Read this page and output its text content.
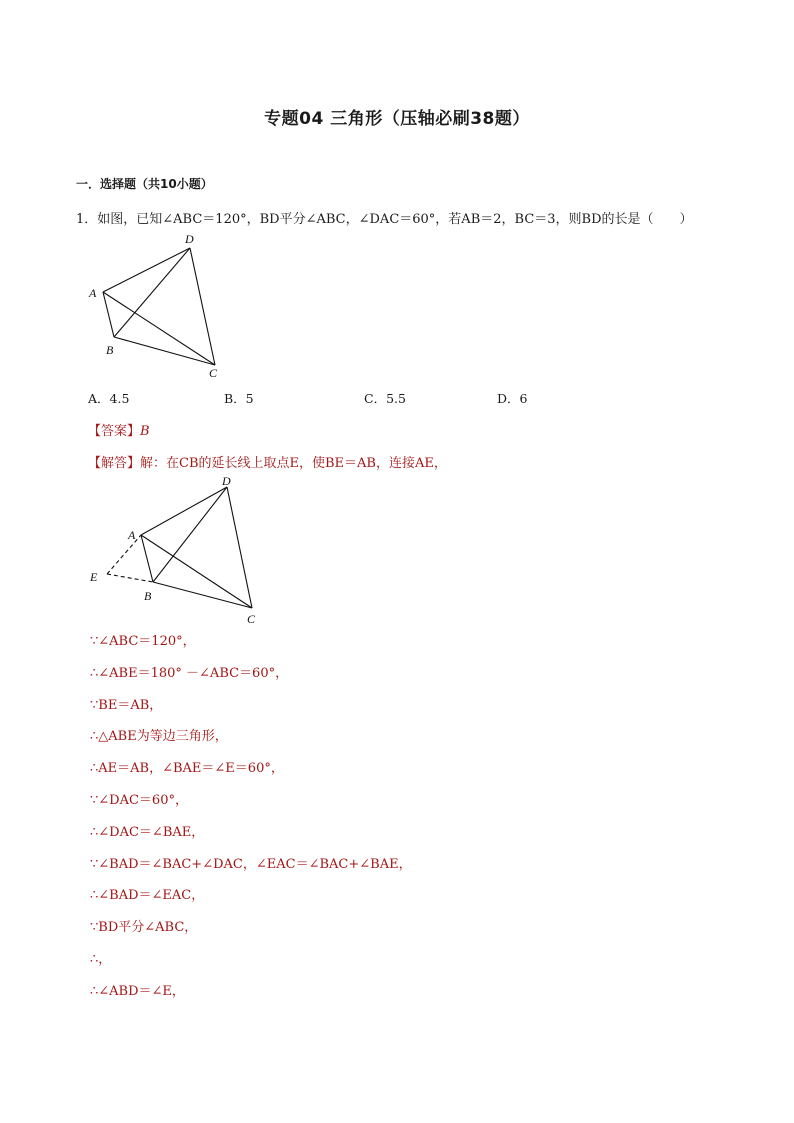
专题04 三角形（压轴必刷38题）
一．选择题（共10小题）
1．如图，已知∠ABC＝120°，BD平分∠ABC，∠DAC＝60°，若AB＝2，BC＝3，则BD的长是（　　）
D
A
B
C
A．4.5	B．5	C．5.5	D．6
【答案】B
【解答】解：在CB的延长线上取点E，使BE＝AB，连接AE，
D
A
E
B
C
∵∠ABC＝120°，
∴∠ABE＝180° －∠ABC＝60°，
∵BE＝AB，
∴△ABE为等边三角形，
∴AE＝AB，∠BAE＝∠E＝60°，
∵∠DAC＝60°，
∴∠DAC＝∠BAE，
∵∠BAD＝∠BAC+∠DAC，∠EAC＝∠BAC+∠BAE，
∴∠BAD＝∠EAC，
∵BD平分∠ABC，
∴，
∴∠ABD＝∠E，
